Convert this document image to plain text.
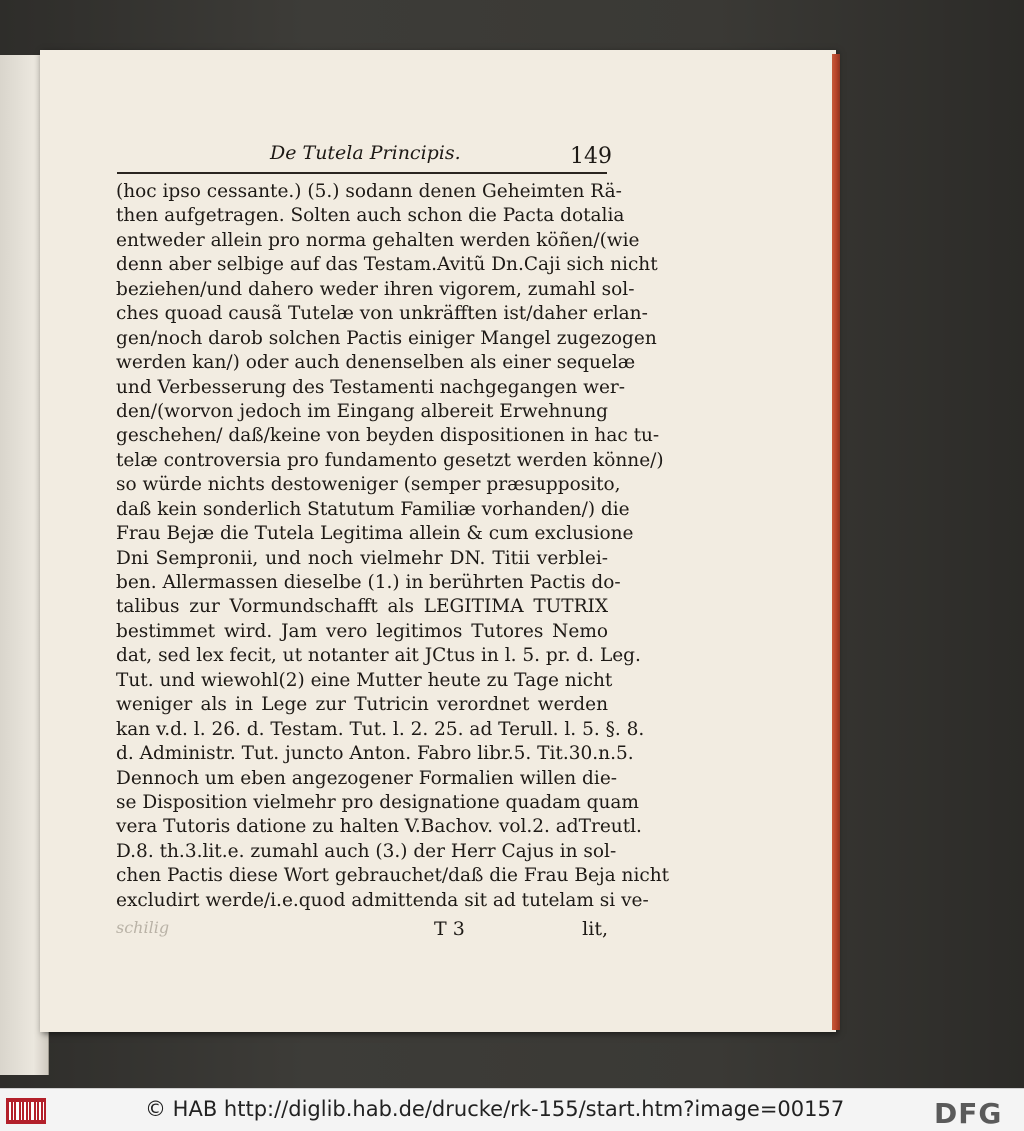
De Tutela Principis.	149
(hoc ipso cessante.) (5.) sodann denen Geheimten Rä-
then aufgetragen. Solten auch schon die Pacta dotalia
entweder allein pro norma gehalten werden köñen/(wie
denn aber selbige auf das Testam.Avitũ Dn.Caji sich nicht
beziehen/und dahero weder ihren vigorem, zumahl sol-
ches quoad causã Tutelæ von unkräfften ist/daher erlan-
gen/noch darob solchen Pactis einiger Mangel zugezogen
werden kan/) oder auch denenselben als einer sequelæ
und Verbesserung des Testamenti nachgegangen wer-
den/(worvon jedoch im Eingang albereit Erwehnung
geschehen/ daß/keine von beyden dispositionen in hac tu-
telæ controversia pro fundamento gesetzt werden könne/)
so würde nichts destoweniger (semper præsupposito,
daß kein sonderlich Statutum Familiæ vorhanden/) die
Frau Bejæ die Tutela Legitima allein & cum exclusione
Dni Sempronii, und noch vielmehr DN. Titii verblei-
ben. Allermassen dieselbe (1.) in berührten Pactis do-
talibus zur Vormundschafft als LEGITIMA TUTRIX
bestimmet wird. Jam vero legitimos Tutores Nemo
dat, sed lex fecit, ut notanter ait JCtus in l. 5. pr. d. Leg.
Tut. und wiewohl(2) eine Mutter heute zu Tage nicht
weniger als in Lege zur Tutricin verordnet werden
kan v.d. l. 26. d. Testam. Tut. l. 2. 25. ad Terull. l. 5. §. 8.
d. Administr. Tut. juncto Anton. Fabro libr.5. Tit.30.n.5.
Dennoch um eben angezogener Formalien willen die-
se Disposition vielmehr pro designatione quadam quam
vera Tutoris datione zu halten V.Bachov. vol.2. adTreutl.
D.8. th.3.lit.e. zumahl auch (3.) der Herr Cajus in sol-
chen Pactis diese Wort gebrauchet/daß die Frau Beja nicht
excludirt werde/i.e.quod admittenda sit ad tutelam si ve-
schilig	T 3	lit,
© HAB http://diglib.hab.de/drucke/rk-155/start.htm?image=00157	DFG
